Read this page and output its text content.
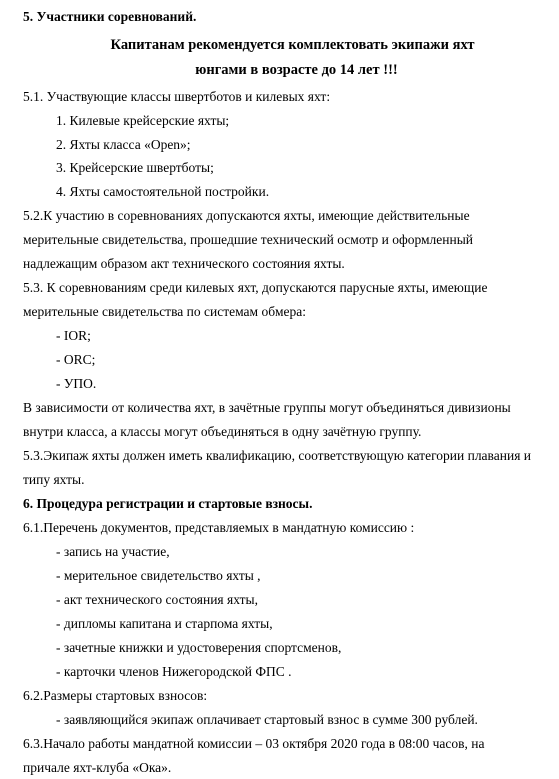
5. Участники соревнований.
Капитанам рекомендуется комплектовать экипажи яхт
юнгами в возрасте до 14 лет !!!
5.1. Участвующие классы швертботов и килевых яхт:
1. Килевые крейсерские яхты;
2. Яхты класса «Open»;
3. Крейсерские швертботы;
4. Яхты самостоятельной постройки.
5.2.К участию в соревнованиях допускаются яхты, имеющие действительные
мерительные свидетельства, прошедшие технический осмотр и оформленный
надлежащим образом акт технического состояния яхты.
5.3. К соревнованиям среди килевых яхт, допускаются парусные яхты, имеющие
мерительные свидетельства по системам обмера:
- IOR;
- ORC;
- УПО.
В зависимости от количества яхт, в зачётные группы могут объединяться дивизионы
внутри класса, а классы могут объединяться в одну зачётную группу.
5.3.Экипаж яхты должен иметь квалификацию, соответствующую категории плавания и
типу яхты.
6. Процедура регистрации и стартовые взносы.
6.1.Перечень документов, представляемых в мандатную комиссию :
- запись на участие,
- мерительное свидетельство яхты ,
- акт технического состояния яхты,
- дипломы капитана и старпома яхты,
- зачетные книжки и удостоверения спортсменов,
- карточки членов Нижегородской ФПС .
6.2.Размеры стартовых взносов:
- заявляющийся экипаж оплачивает стартовый взнос в сумме 300 рублей.
6.3.Начало работы мандатной комиссии – 03 октября 2020 года в 08:00 часов, на
причале яхт-клуба «Ока».
